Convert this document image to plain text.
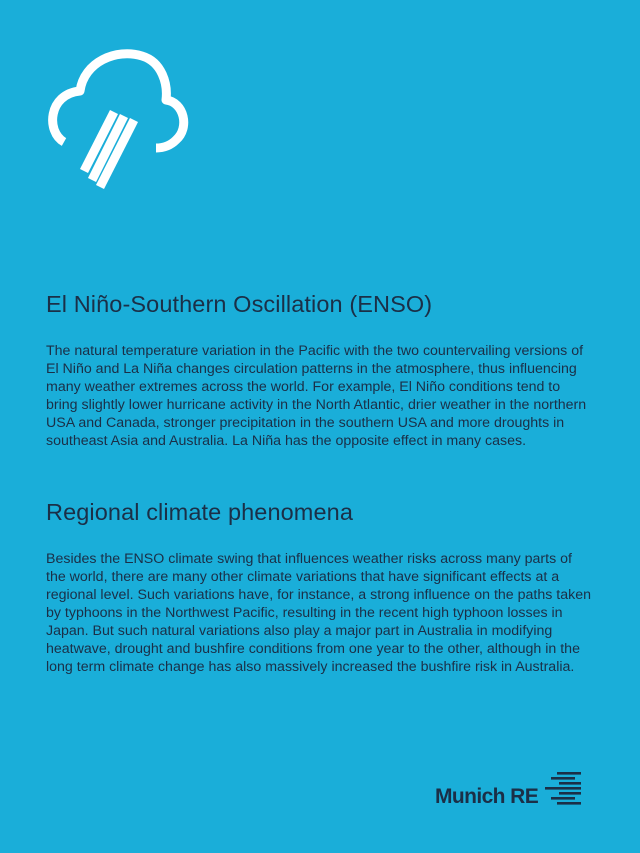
El Niño-Southern Oscillation (ENSO)

The natural temperature variation in the Pacific with the two countervailing versions of El Niño and La Niña changes circulation patterns in the atmosphere, thus influencing many weather extremes across the world. For example, El Niño conditions tend to bring slightly lower hurricane activity in the North Atlantic, drier weather in the northern USA and Canada, stronger precipitation in the southern USA and more droughts in southeast Asia and Australia. La Niña has the opposite effect in many cases.

Regional climate phenomena

Besides the ENSO climate swing that influences weather risks across many parts of the world, there are many other climate variations that have significant effects at a regional level. Such variations have, for instance, a strong influence on the paths taken by typhoons in the Northwest Pacific, resulting in the recent high typhoon losses in Japan. But such natural variations also play a major part in Australia in modifying heatwave, drought and bushfire conditions from one year to the other, although in the long term climate change has also massively increased the bushfire risk in Australia.

Munich RE
